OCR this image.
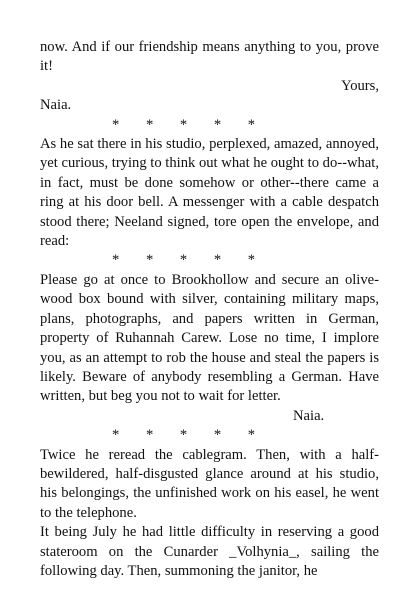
now. And if our friendship means anything to you, prove it!

Yours,

Naia.

* * * * *

As he sat there in his studio, perplexed, amazed, annoyed, yet curious, trying to think out what he ought to do--what, in fact, must be done somehow or other--there came a ring at his door bell. A messenger with a cable despatch stood there; Neeland signed, tore open the envelope, and read:

* * * * *

Please go at once to Brookhollow and secure an olive-wood box bound with silver, containing military maps, plans, photographs, and papers written in German, property of Ruhannah Carew. Lose no time, I implore you, as an attempt to rob the house and steal the papers is likely. Beware of anybody resembling a German. Have written, but beg you not to wait for letter.

Naia.

* * * * *

Twice he reread the cablegram. Then, with a half-bewildered, half-disgusted glance around at his studio, his belongings, the unfinished work on his easel, he went to the telephone.

It being July he had little difficulty in reserving a good stateroom on the Cunarder _Volhynia_, sailing the following day. Then, summoning the janitor, he
